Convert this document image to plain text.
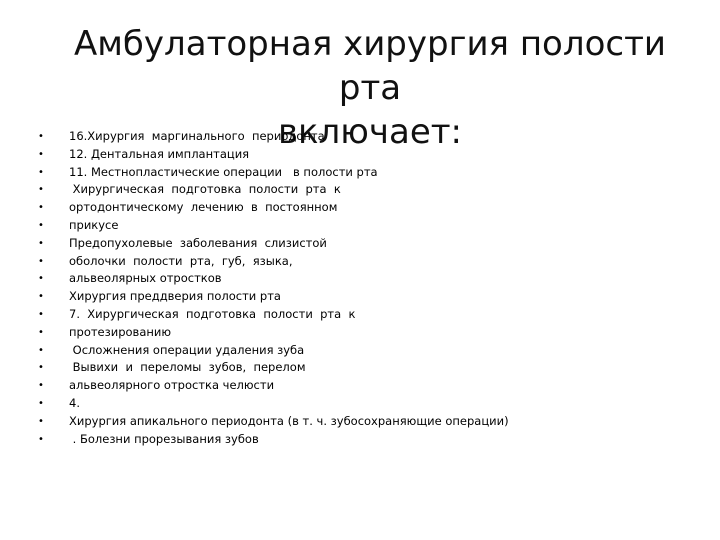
Амбулаторная хирургия полости рта
включает:
•	16.Хирургия  маргинального  периодонта
•	12. Дентальная имплантация
•	11. Местнопластические операции   в полости рта
•	Хирургическая  подготовка  полости  рта  к
•	ортодонтическому  лечению  в  постоянном
•	прикусе
•	Предопухолевые  заболевания  слизистой
•	оболочки  полости  рта,  губ,  языка,
•	альвеолярных отростков
•	Хирургия преддверия полости рта
•	7.  Хирургическая  подготовка  полости  рта  к
•	протезированию
•	Осложнения операции удаления зуба
•	Вывихи  и  переломы  зубов,  перелом
•	альвеолярного отростка челюсти
•	4.
•	Хирургия апикального периодонта (в т. ч. зубосохраняющие операции)
•	. Болезни прорезывания зубов
